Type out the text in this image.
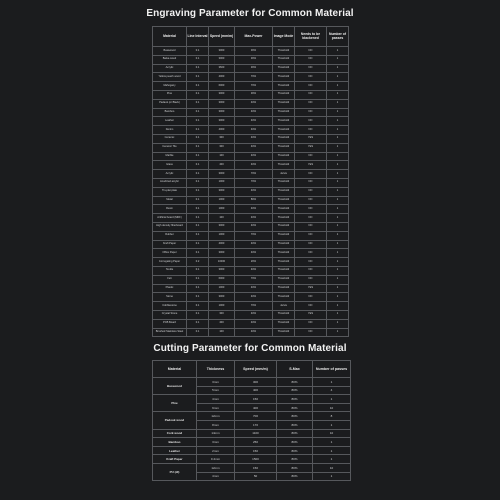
Engraving Parameter for Common Material
Material	Line Interval	Speed (mm/m)	Max-Power	Image Mode	Needs to be blackened	Number of passes
Basswood	0.1	3000	30%	Threshold	NO	1
Balsa wood	0.1	3000	30%	Threshold	NO	1
Acrylic	0.1	3600	30%	Threshold	NO	1
Yellow peach wood	0.1	4000	70%	Threshold	NO	1
Mahogany	0.1	6000	70%	Threshold	NO	1
Pine	0.1	3000	30%	Threshold	NO	1
Padauk (or Black)	0.1	3000	40%	Threshold	NO	1
Bamboo	0.1	3000	40%	Threshold	NO	1
Leather	0.1	3000	40%	Threshold	NO	1
Denim	0.1	4000	40%	Threshold	NO	1
Ceramic	0.1	300	40%	Threshold	YES	1
Ceramic Tile	0.1	300	40%	Threshold	YES	1
Marble	0.1	100	40%	Threshold	NO	1
Glass	0.1	400	40%	Threshold	YES	1
Acrylic	0.1	3000	70%	Jarvis	NO	1
Anodized acrylic	0.1	1000	70%	Threshold	NO	1
Tin-plat plate	0.1	3000	40%	Threshold	NO	1
Metal	0.1	1000	80%	Threshold	NO	1
Resin	0.1	1000	40%	Threshold	NO	1
Artificial board (MDF)	0.1	100	40%	Threshold	NO	1
High density fiberboard	0.1	3000	40%	Threshold	NO	1
Rubber	0.1	1000	70%	Threshold	NO	1
Kraft Paper	0.1	4000	40%	Threshold	NO	1
Office Paper	0.1	3000	40%	Threshold	NO	1
Corrugating Paper	0.2	10000	20%	Threshold	NO	1
Textile	0.1	3000	40%	Threshold	NO	1
Felt	0.1	6000	70%	Threshold	NO	1
Plastic	0.1	1000	40%	Threshold	YES	1
Stone	0.1	3000	40%	Threshold	NO	1
Cobblestone	0.1	1000	70%	Jarvis	NO	1
Crystal Stone	0.1	300	40%	Threshold	YES	1
PCB Board	0.1	400	40%	Threshold	NO	1
Brushed Stainless Steel	0.1	100	40%	Threshold	NO	1
Cutting Parameter for Common Material
Material	Thickness	Speed (mm/m)	S-Max	Number of passes
Basswood	3mm	300	80%	1
	5mm	400	80%	4
Pine	4mm	150	80%	1
	9mm	400	80%	10
Padouk wood	12mm	700	80%	8
	8mm	170	80%	1
Cork wood	14mm	1100	80%	10
Bamboo	3mm	250	80%	1
Leather	2mm	150	80%	1
Kraft Paper	0.4mm	1500	80%	1
PU (dl)	12mm	150	80%	10
	4mm	50	80%	1
